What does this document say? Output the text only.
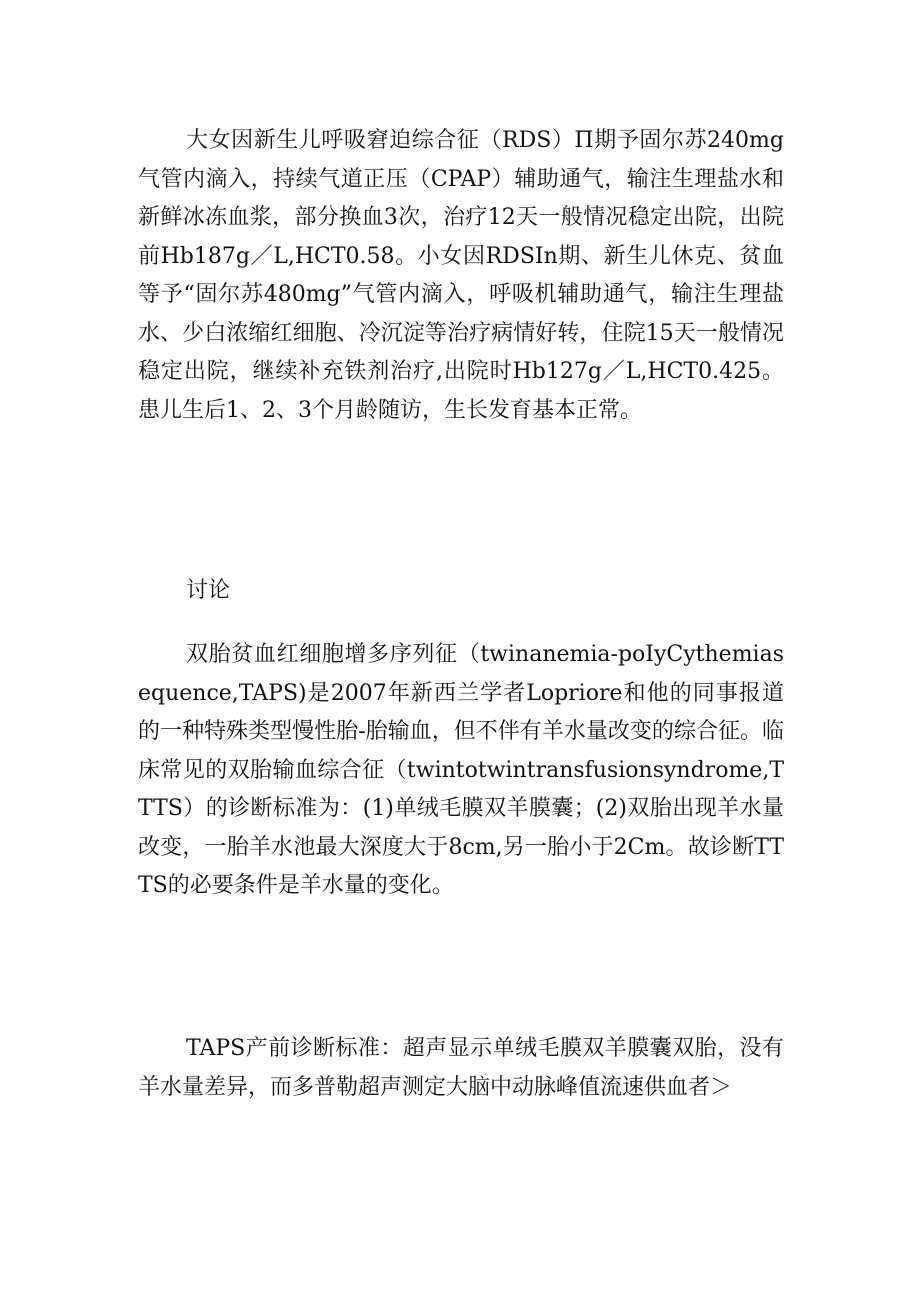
大女因新生儿呼吸窘迫综合征（RDS）Π期予固尔苏240mg气管内滴入，持续气道正压（CPAP）辅助通气，输注生理盐水和新鲜冰冻血浆，部分换血3次，治疗12天一般情况稳定出院，出院前Hb187g／L,HCT0.58。小女因RDSIn期、新生儿休克、贫血等予“固尔苏480mg”气管内滴入，呼吸机辅助通气，输注生理盐水、少白浓缩红细胞、冷沉淀等治疗病情好转，住院15天一般情况稳定出院，继续补充铁剂治疗,出院时Hb127g／L,HCT0.425。患儿生后1、2、3个月龄随访，生长发育基本正常。

讨论

双胎贫血红细胞增多序列征（twinanemia-poIyCythemiasequence,TAPS)是2007年新西兰学者Lopriore和他的同事报道的一种特殊类型慢性胎-胎输血，但不伴有羊水量改变的综合征。临床常见的双胎输血综合征（twintotwintransfusionsyndrome,TTTS）的诊断标准为：(1)单绒毛膜双羊膜囊；(2)双胎出现羊水量改变，一胎羊水池最大深度大于8cm,另一胎小于2Cm。故诊断TTTS的必要条件是羊水量的变化。

TAPS产前诊断标准：超声显示单绒毛膜双羊膜囊双胎，没有羊水量差异，而多普勒超声测定大脑中动脉峰值流速供血者＞
